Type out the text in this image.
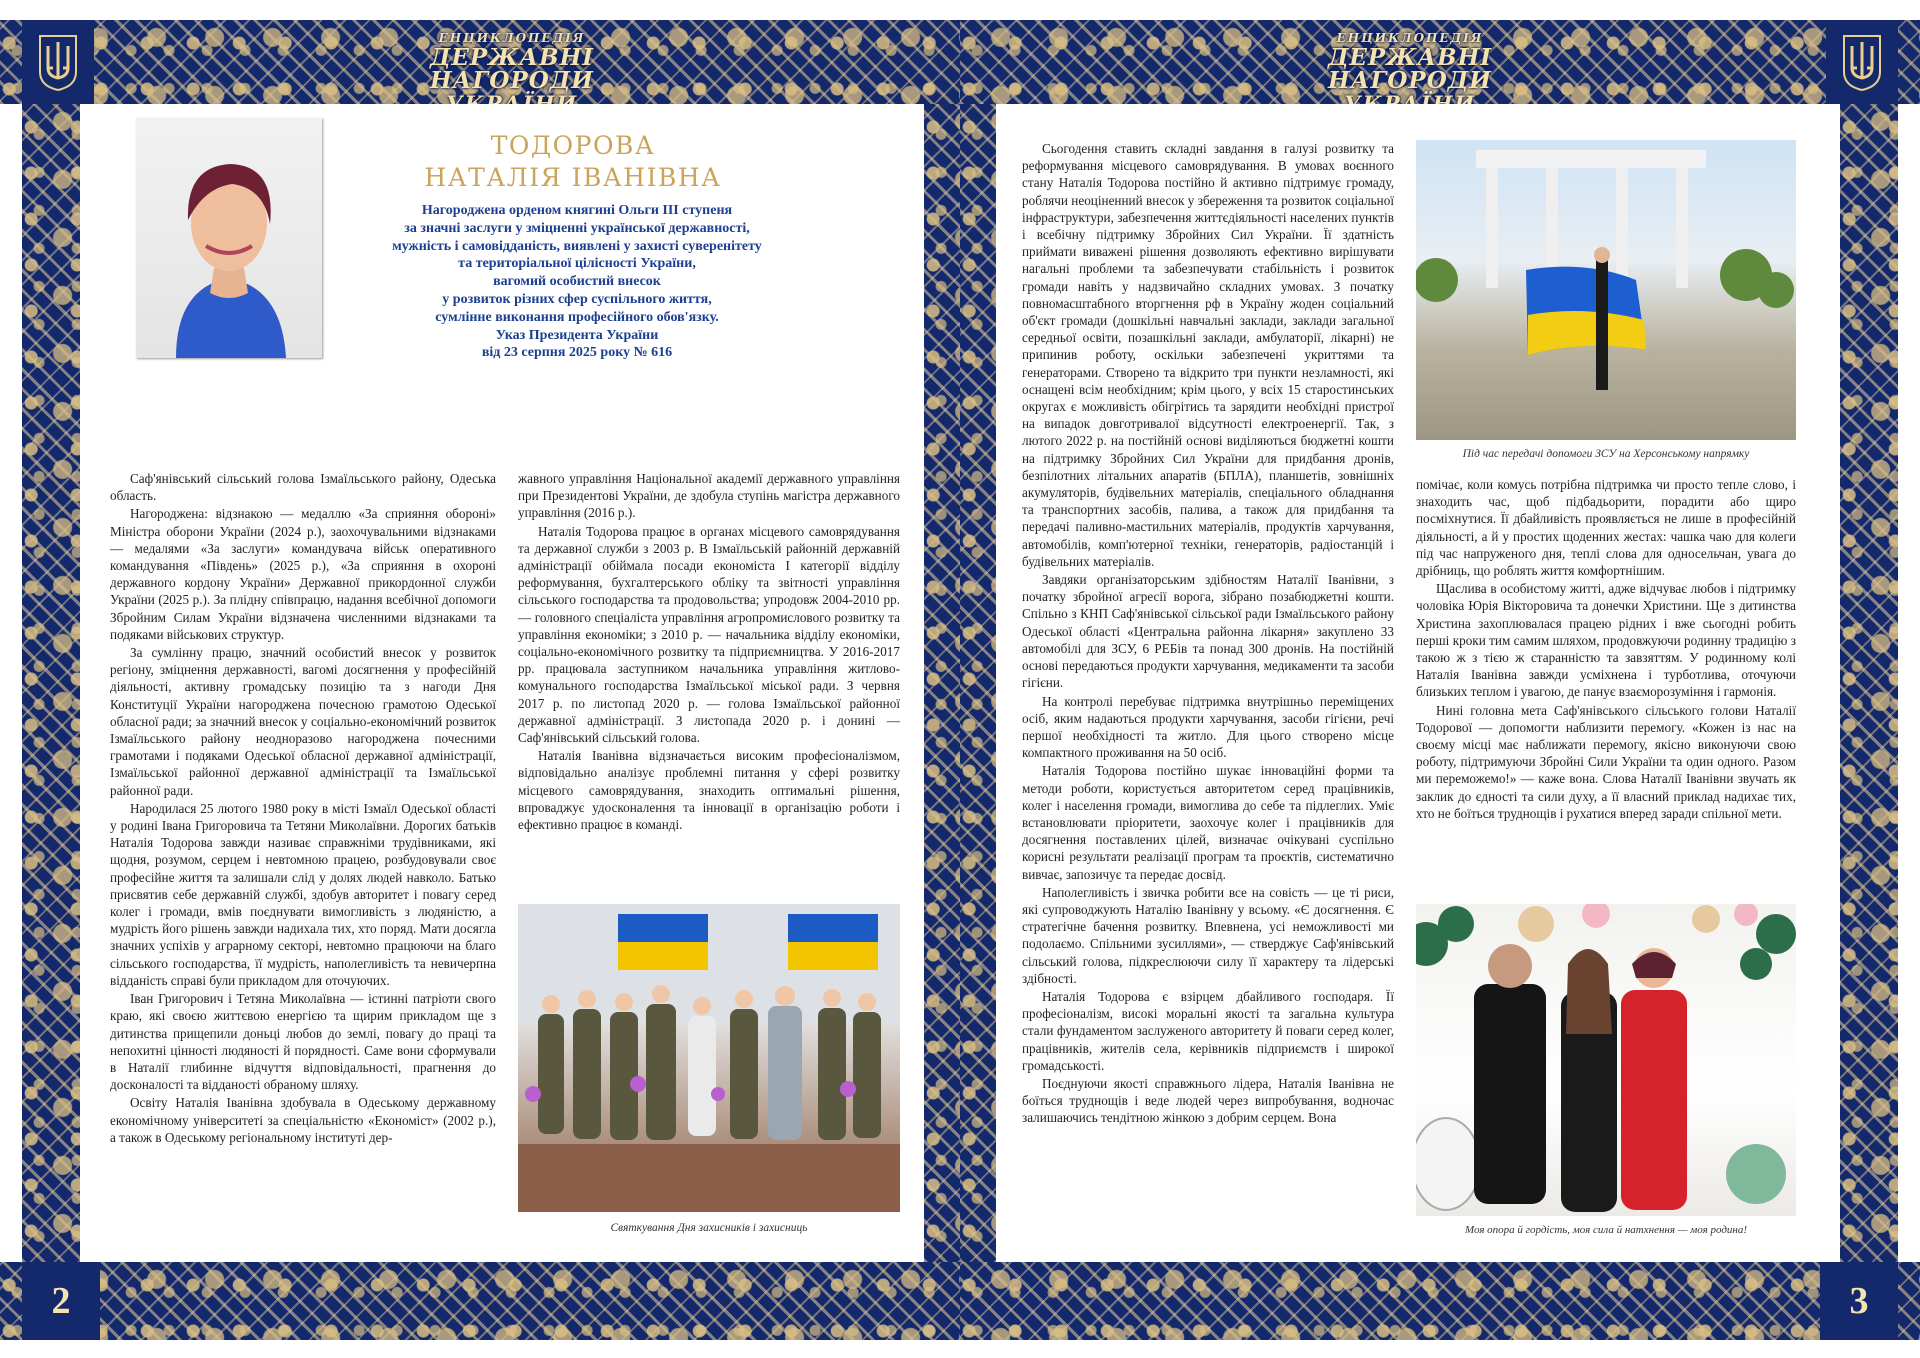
ЕНЦИКЛОПЕДІЯ
ДЕРЖАВНІ НАГОРОДИ
2
ТОДОРОВА
НАТАЛІЯ ІВАНІВНА
Нагороджена орденом княгині Ольги ІІІ ступеня
за значні заслуги у зміцненні української державності,
мужність і самовідданість, виявлені у захисті суверенітету
та територіальної цілісності України,
вагомий особистий внесок
у розвиток різних сфер суспільного життя,
сумлінне виконання професійного обов'язку.
Указ Президента України
від 23 серпня 2025 року № 616

Саф'янівський сільський голова Ізмаїльського району, Одеська область.

Нагороджена: відзнакою — медаллю «За сприяння обороні» Міністра оборони України (2024 р.), заохочувальними відзнаками — медалями «За заслуги» командувача військ оперативного командування «Південь» (2025 р.), «За сприяння в охороні державного кордону України» Державної прикордонної служби України (2025 р.). За плідну співпрацю, надання всебічної допомоги Збройним Силам України відзначена численними відзнаками та подяками військових структур.

За сумлінну працю, значний особистий внесок у розвиток регіону, зміцнення державності, вагомі досягнення у професійній діяльності, активну громадську позицію та з нагоди Дня Конституції України нагороджена почесною грамотою Одеської обласної ради; за значний внесок у соціально-економічний розвиток Ізмаїльського району неодноразово нагороджена почесними грамотами і подяками Одеської обласної державної адміністрації, Ізмаїльської районної державної адміністрації та Ізмаїльської районної ради.

Народилася 25 лютого 1980 року в місті Ізмаїл Одеської області у родині Івана Григоровича та Тетяни Миколаївни. Дорогих батьків Наталія Тодорова завжди називає справжніми трудівниками, які щодня, розумом, серцем і невтомною працею, розбудовували своє професійне життя та залишали слід у долях людей навколо. Батько присвятив себе державній службі, здобув авторитет і повагу серед колег і громади, вмів поєднувати вимогливість з людяністю, а мудрість його рішень завжди надихала тих, хто поряд. Мати досягла значних успіхів у аграрному секторі, невтомно працюючи на благо сільського господарства, її мудрість, наполегливість та невичерпна відданість справі були прикладом для оточуючих.

Іван Григорович і Тетяна Миколаївна — істинні патріоти свого краю, які своєю життєвою енергією та щирим прикладом ще з дитинства прищепили доньці любов до землі, повагу до праці та непохитні цінності людяності й порядності. Саме вони сформували в Наталії глибинне відчуття відповідальності, прагнення до досконалості та відданості обраному шляху.

Освіту Наталія Іванівна здобувала в Одеському державному економічному університеті за спеціальністю «Економіст» (2002 р.), а також в Одеському регіональному інституті дер-

жавного управління Національної академії державного управління при Президентові України, де здобула ступінь магістра державного управління (2016 р.).

Наталія Тодорова працює в органах місцевого самоврядування та державної служби з 2003 р. В Ізмаїльській районній державній адміністрації обіймала посади економіста І категорії відділу реформування, бухгалтерського обліку та звітності управління сільського господарства та продовольства; упродовж 2004-2010 рр. — головного спеціаліста управління агропромислового розвитку та управління економіки; з 2010 р. — начальника відділу економіки, соціально-економічного розвитку та підприємництва. У 2016-2017 рр. працювала заступником начальника управління житлово-комунального господарства Ізмаїльської міської ради. З червня 2017 р. по листопад 2020 р. — голова Ізмаїльської районної державної адміністрації. З листопада 2020 р. і донині — Саф'янівський сільський голова.

Наталія Іванівна відзначається високим професіоналізмом, відповідально аналізує проблемні питання у сфері розвитку місцевого самоврядування, знаходить оптимальні рішення, впроваджує удосконалення та інновації в організацію роботи і ефективно працює в команді.

Святкування Дня захисників і захисниць
ЕНЦИКЛОПЕДІЯ
ДЕРЖАВНІ НАГОРОДИ
3

Сьогодення ставить складні завдання в галузі розвитку та реформування місцевого самоврядування. В умовах воєнного стану Наталія Тодорова постійно й активно підтримує громаду, роблячи неоціненний внесок у збереження та розвиток соціальної інфраструктури, забезпечення життєдіяльності населених пунктів і всебічну підтримку Збройних Сил України. Її здатність приймати виважені рішення дозволяють ефективно вирішувати нагальні проблеми та забезпечувати стабільність і розвиток громади навіть у надзвичайно складних умовах. З початку повномасштабного вторгнення рф в Україну жоден соціальний об'єкт громади (дошкільні навчальні заклади, заклади загальної середньої освіти, позашкільні заклади, амбулаторії, лікарні) не припинив роботу, оскільки забезпечені укриттями та генераторами. Створено та відкрито три пункти незламності, які оснащені всім необхідним; крім цього, у всіх 15 старостинських округах є можливість обігрітись та зарядити необхідні пристрої на випадок довготривалої відсутності електроенергії. Так, з лютого 2022 р. на постійній основі виділяються бюджетні кошти на підтримку Збройних Сил України для придбання дронів, безпілотних літальних апаратів (БПЛА), планшетів, зовнішніх акумуляторів, будівельних матеріалів, спеціального обладнання та транспортних засобів, палива, а також для придбання та передачі паливно-мастильних матеріалів, продуктів харчування, автомобілів, комп'ютерної техніки, генераторів, радіостанцій і будівельних матеріалів.

Завдяки організаторським здібностям Наталії Іванівни, з початку збройної агресії ворога, зібрано позабюджетні кошти. Спільно з КНП Саф'янівської сільської ради Ізмаїльського району Одеської області «Центральна районна лікарня» закуплено 33 автомобілі для ЗСУ, 6 РЕБів та понад 300 дронів. На постійній основі передаються продукти харчування, медикаменти та засоби гігієни.

На контролі перебуває підтримка внутрішньо переміщених осіб, яким надаються продукти харчування, засоби гігієни, речі першої необхідності та житло. Для цього створено місце компактного проживання на 50 осіб.

Наталія Тодорова постійно шукає інноваційні форми та методи роботи, користується авторитетом серед працівників, колег і населення громади, вимоглива до себе та підлеглих. Уміє встановлювати пріоритети, заохочує колег і працівників для досягнення поставлених цілей, визначає очікувані суспільно корисні результати реалізації програм та проєктів, систематично вивчає, запозичує та передає досвід.

Наполегливість і звичка робити все на совість — це ті риси, які супроводжують Наталію Іванівну у всьому. «Є досягнення. Є стратегічне бачення розвитку. Впевнена, усі неможливості ми подолаємо. Спільними зусиллями», — стверджує Саф'янівський сільський голова, підкреслюючи силу її характеру та лідерські здібності.

Наталія Тодорова є взірцем дбайливого господаря. Її професіоналізм, високі моральні якості та загальна культура стали фундаментом заслуженого авторитету й поваги серед колег, працівників, жителів села, керівників підприємств і широкої громадськості.

Поєднуючи якості справжнього лідера, Наталія Іванівна не боїться труднощів і веде людей через випробування, водночас залишаючись тендітною жінкою з добрим серцем. Вона

Під час передачі допомоги ЗСУ на Херсонському напрямку

помічає, коли комусь потрібна підтримка чи просто тепле слово, і знаходить час, щоб підбадьорити, порадити або щиро посміхнутися. Її дбайливість проявляється не лише в професійній діяльності, а й у простих щоденних жестах: чашка чаю для колеги під час напруженого дня, теплі слова для односельчан, увага до дрібниць, що роблять життя комфортнішим.

Щаслива в особистому житті, адже відчуває любов і підтримку чоловіка Юрія Вікторовича та донечки Христини. Ще з дитинства Христина захоплювалася працею рідних і вже сьогодні робить перші кроки тим самим шляхом, продовжуючи родинну традицію з такою ж з тією ж старанністю та завзяттям. У родинному колі Наталія Іванівна завжди усміхнена і турботлива, оточуючи близьких теплом і увагою, де панує взаєморозуміння і гармонія.

Нині головна мета Саф'янівського сільського голови Наталії Тодорової — допомогти наблизити перемогу. «Кожен із нас на своєму місці має наближати перемогу, якісно виконуючи свою роботу, підтримуючи Збройні Сили України та один одного. Разом ми переможемо!» — каже вона. Слова Наталії Іванівни звучать як заклик до єдності та сили духу, а її власний приклад надихає тих, хто не боїться труднощів і рухатися вперед заради спільної мети.

Моя опора й гордість, моя сила й натхнення — моя родина!
